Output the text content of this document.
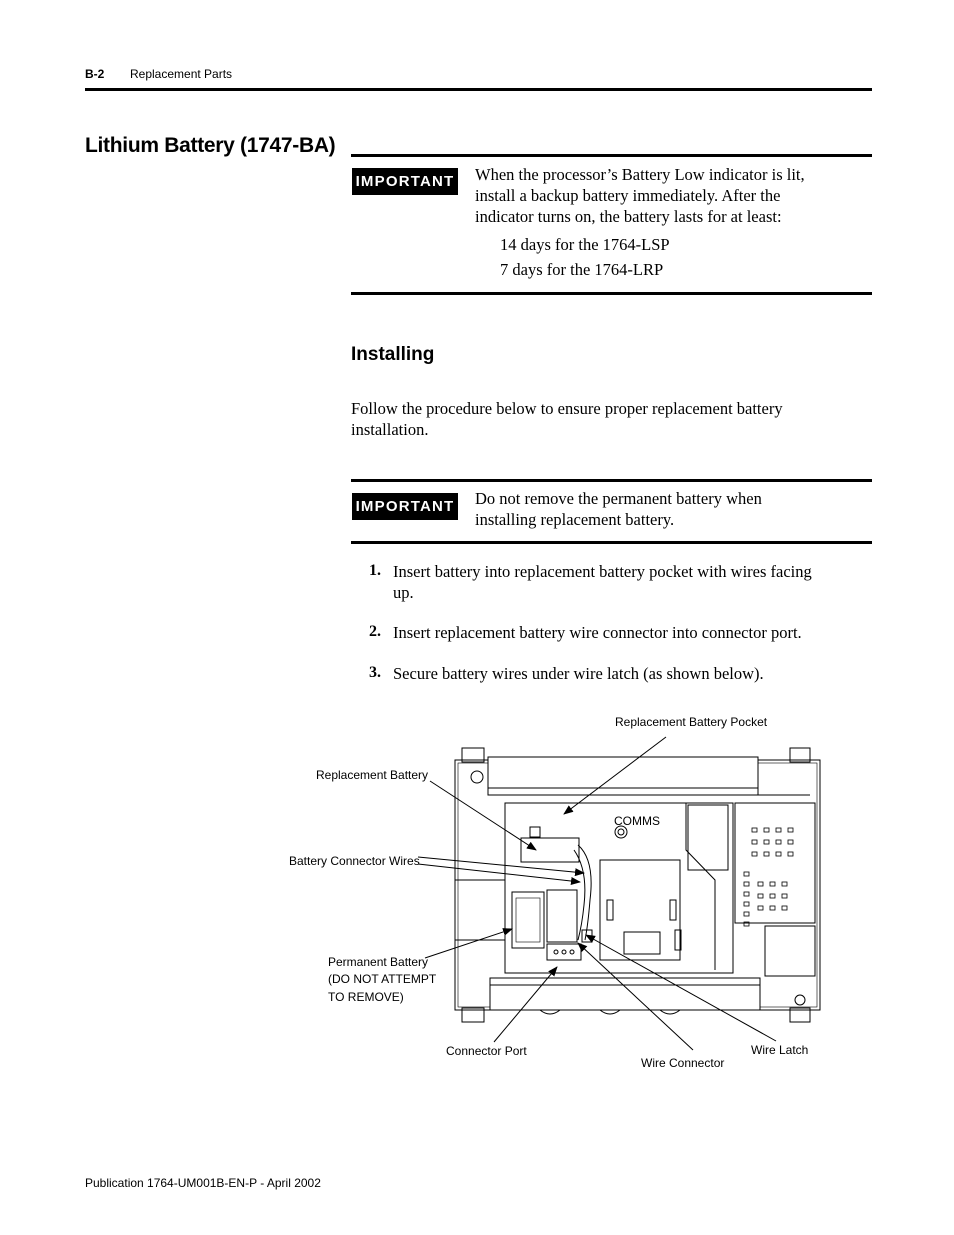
B-2 Replacement Parts
Lithium Battery (1747-BA)
IMPORTANT When the processor’s Battery Low indicator is lit,
install a backup battery immediately. After the
indicator turns on, the battery lasts for at least:
14 days for the 1764-LSP
7 days for the 1764-LRP
Installing
Follow the procedure below to ensure proper replacement battery
installation.
IMPORTANT Do not remove the permanent battery when
installing replacement battery.
1. Insert battery into replacement battery pocket with wires facing
up.
2. Insert replacement battery wire connector into connector port.
3. Secure battery wires under wire latch (as shown below).
COMMS
Replacement Battery Pocket
Replacement Battery
Battery Connector Wires
Permanent Battery
(DO NOT ATTEMPT
TO REMOVE)
Connector Port
Wire Connector
Wire Latch
Publication 1764-UM001B-EN-P - April 2002
